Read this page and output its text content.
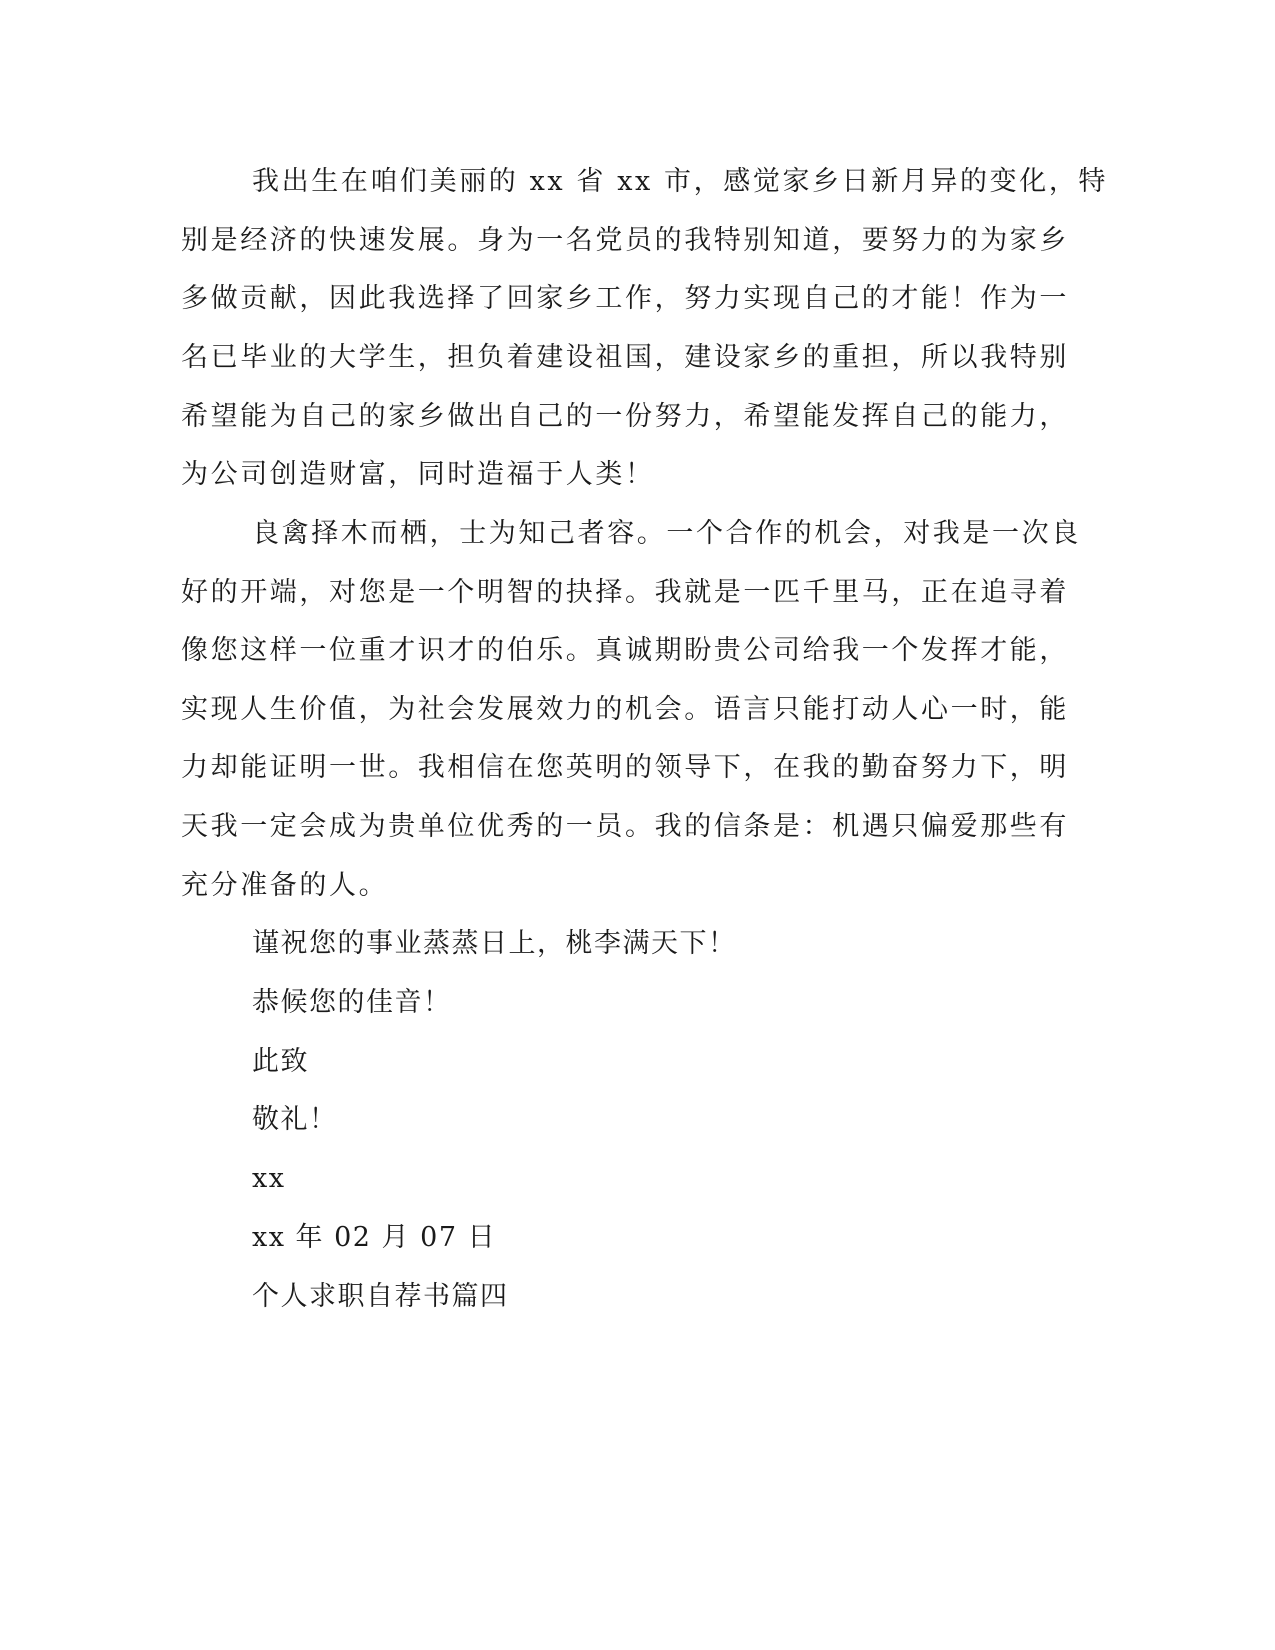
我出生在咱们美丽的 xx 省 xx 市，感觉家乡日新月异的变化，特
别是经济的快速发展。身为一名党员的我特别知道，要努力的为家乡
多做贡献，因此我选择了回家乡工作，努力实现自己的才能！作为一
名已毕业的大学生，担负着建设祖国，建设家乡的重担，所以我特别
希望能为自己的家乡做出自己的一份努力，希望能发挥自己的能力，
为公司创造财富，同时造福于人类！
良禽择木而栖，士为知己者容。一个合作的机会，对我是一次良
好的开端，对您是一个明智的抉择。我就是一匹千里马，正在追寻着
像您这样一位重才识才的伯乐。真诚期盼贵公司给我一个发挥才能，
实现人生价值，为社会发展效力的机会。语言只能打动人心一时，能
力却能证明一世。我相信在您英明的领导下，在我的勤奋努力下，明
天我一定会成为贵单位优秀的一员。我的信条是：机遇只偏爱那些有
充分准备的人。
谨祝您的事业蒸蒸日上，桃李满天下！
恭候您的佳音！
此致
敬礼！
xx
xx 年 02 月 07 日
个人求职自荐书篇四
